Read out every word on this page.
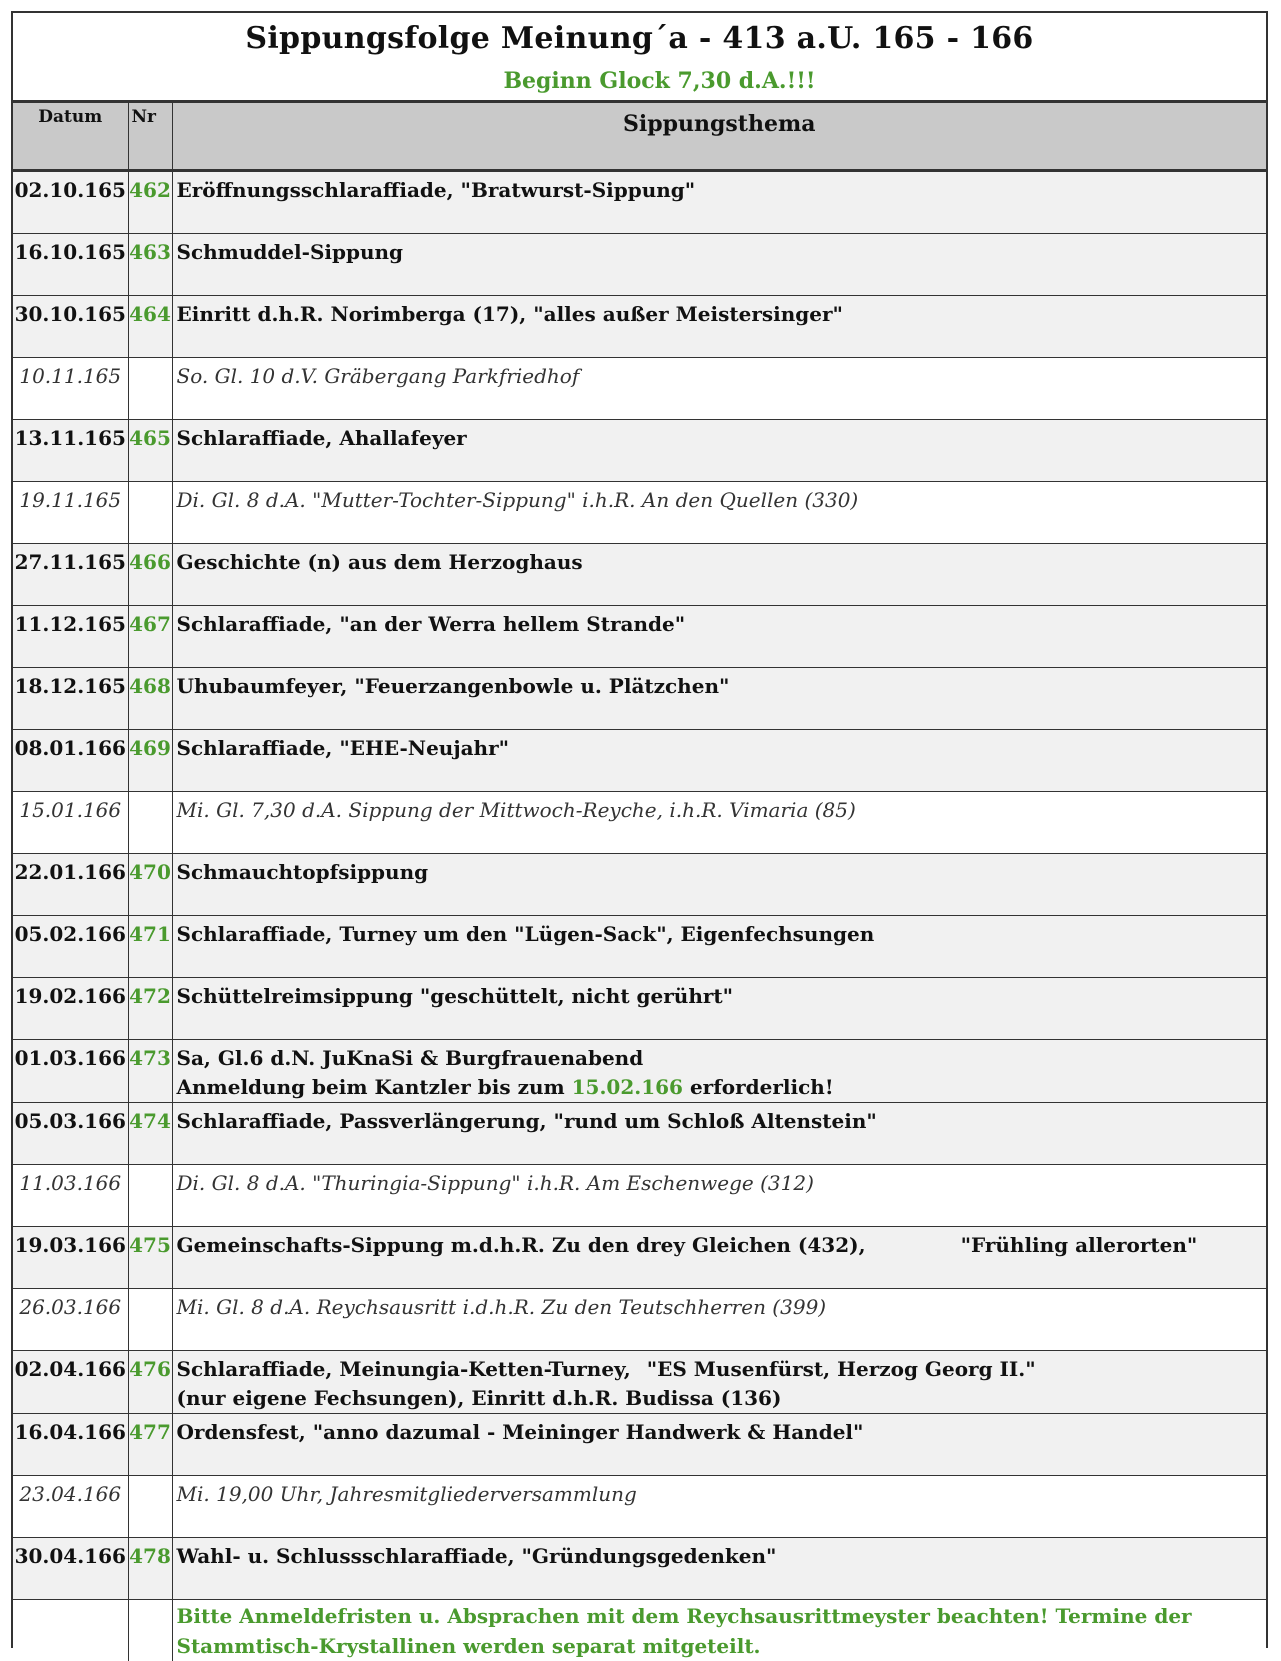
Sippungsfolge Meinung´a - 413 a.U. 165 - 166
Beginn Glock 7,30 d.A.!!!
Datum	Nr	Sippungsthema
02.10.165	462	Eröffnungsschlaraffiade, "Bratwurst-Sippung"
16.10.165	463	Schmuddel-Sippung
30.10.165	464	Einritt d.h.R. Norimberga (17), "alles außer Meistersinger"
10.11.165		So. Gl. 10 d.V. Gräbergang Parkfriedhof
13.11.165	465	Schlaraffiade, Ahallafeyer
19.11.165		Di. Gl. 8 d.A. "Mutter-Tochter-Sippung" i.h.R. An den Quellen (330)
27.11.165	466	Geschichte (n) aus dem Herzoghaus
11.12.165	467	Schlaraffiade, "an der Werra hellem Strande"
18.12.165	468	Uhubaumfeyer, "Feuerzangenbowle u. Plätzchen"
08.01.166	469	Schlaraffiade, "EHE-Neujahr"
15.01.166		Mi. Gl. 7,30 d.A. Sippung der Mittwoch-Reyche, i.h.R. Vimaria (85)
22.01.166	470	Schmauchtopfsippung
05.02.166	471	Schlaraffiade, Turney um den "Lügen-Sack", Eigenfechsungen
19.02.166	472	Schüttelreimsippung "geschüttelt, nicht gerührt"
01.03.166	473	Sa, Gl.6 d.N. JuKnaSi & Burgfrauenabend
Anmeldung beim Kantzler bis zum 15.02.166 erforderlich!

05.03.166	474	Schlaraffiade, Passverlängerung, "rund um Schloß Altenstein"
11.03.166		Di. Gl. 8 d.A. "Thuringia-Sippung" i.h.R. Am Eschenwege (312)
19.03.166	475	Gemeinschafts-Sippung m.d.h.R. Zu den drey Gleichen (432), "Frühling allerorten"
26.03.166		Mi. Gl. 8 d.A. Reychsausritt i.d.h.R. Zu den Teutschherren (399)
02.04.166	476	Schlaraffiade, Meinungia-Ketten-Turney, "ES Musenfürst, Herzog Georg II."
(nur eigene Fechsungen), Einritt d.h.R. Budissa (136)

16.04.166	477	Ordensfest, "anno dazumal - Meininger Handwerk & Handel"
23.04.166		Mi. 19,00 Uhr, Jahresmitgliederversammlung
30.04.166	478	Wahl- u. Schlussschlaraffiade, "Gründungsgedenken"
		Bitte Anmeldefristen u. Absprachen mit dem Reychsausrittmeyster beachten! Termine der Stammtisch-Krystallinen werden separat mitgeteilt.
